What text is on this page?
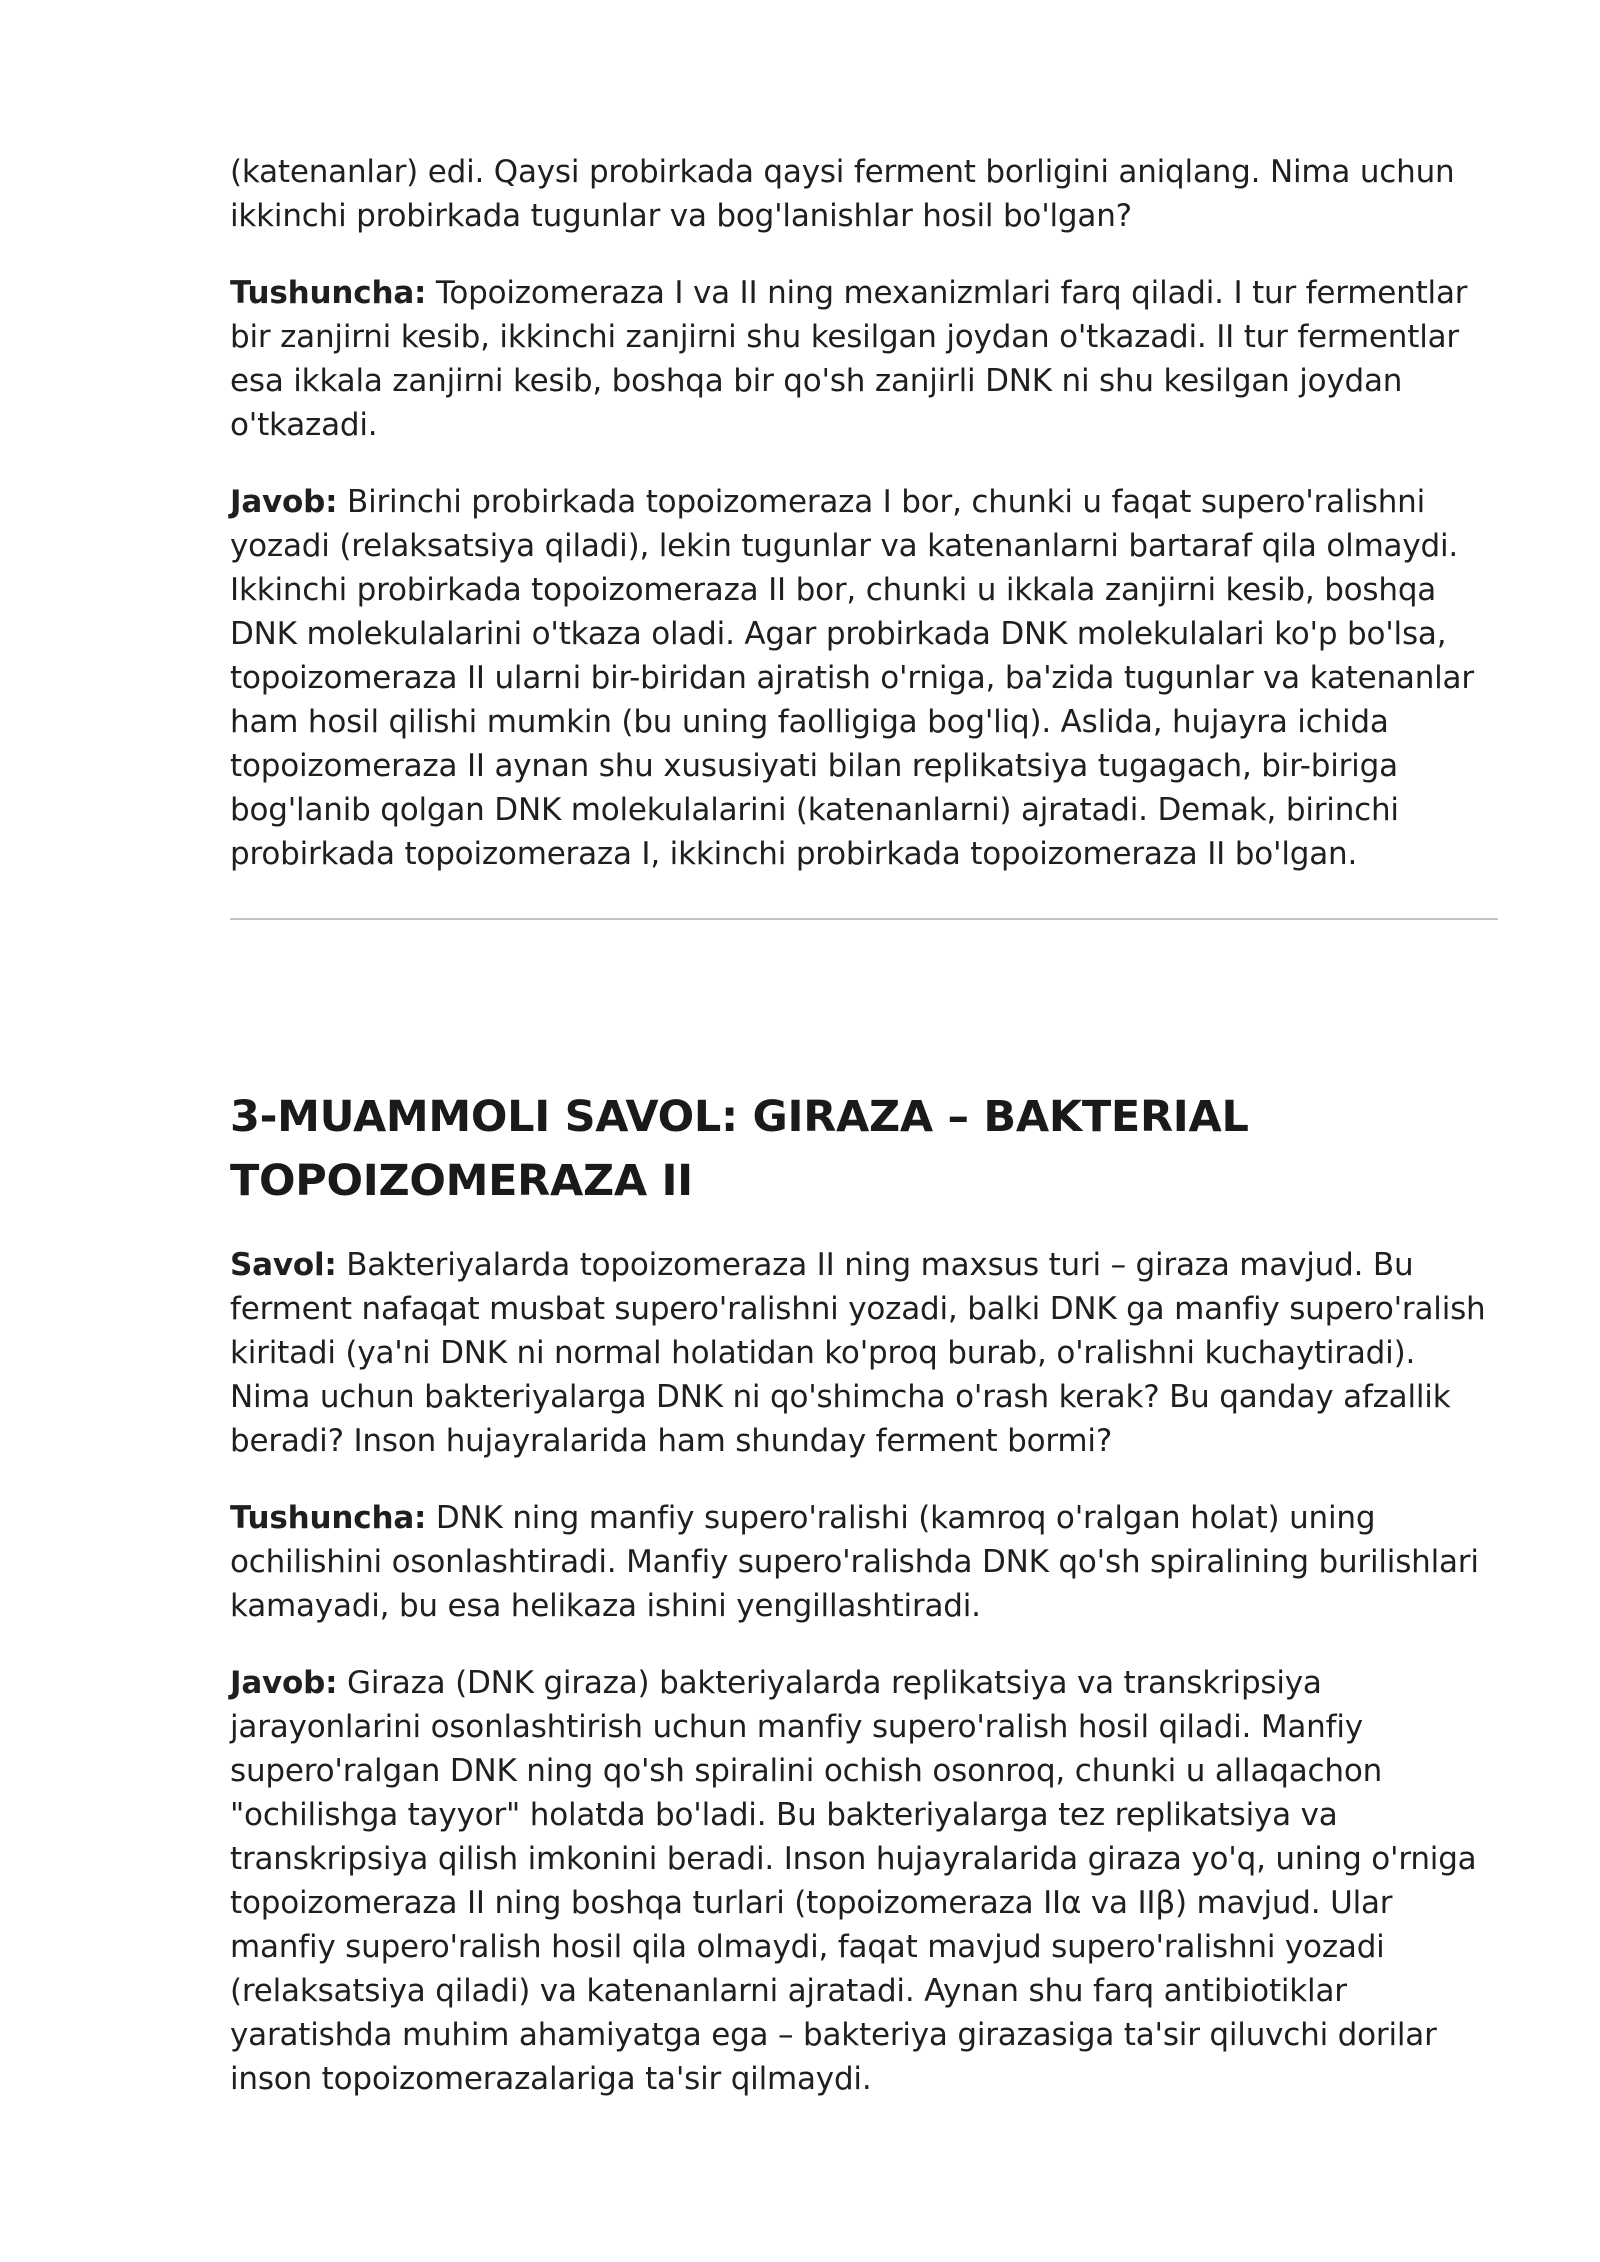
(katenanlar) edi. Qaysi probirkada qaysi ferment borligini aniqlang. Nima uchun ikkinchi probirkada tugunlar va bog'lanishlar hosil bo'lgan?

Tushuncha: Topoizomeraza I va II ning mexanizmlari farq qiladi. I tur fermentlar bir zanjirni kesib, ikkinchi zanjirni shu kesilgan joydan o'tkazadi. II tur fermentlar esa ikkala zanjirni kesib, boshqa bir qo'sh zanjirli DNK ni shu kesilgan joydan o'tkazadi.

Javob: Birinchi probirkada topoizomeraza I bor, chunki u faqat supero'ralishni yozadi (relaksatsiya qiladi), lekin tugunlar va katenanlarni bartaraf qila olmaydi. Ikkinchi probirkada topoizomeraza II bor, chunki u ikkala zanjirni kesib, boshqa DNK molekulalarini o'tkaza oladi. Agar probirkada DNK molekulalari ko'p bo'lsa, topoizomeraza II ularni bir-biridan ajratish o'rniga, ba'zida tugunlar va katenanlar ham hosil qilishi mumkin (bu uning faolligiga bog'liq). Aslida, hujayra ichida topoizomeraza II aynan shu xususiyati bilan replikatsiya tugagach, bir-biriga bog'lanib qolgan DNK molekulalarini (katenanlarni) ajratadi. Demak, birinchi probirkada topoizomeraza I, ikkinchi probirkada topoizomeraza II bo'lgan.

3-MUAMMOLI SAVOL: GIRAZA – BAKTERIAL TOPOIZOMERAZA II

Savol: Bakteriyalarda topoizomeraza II ning maxsus turi – giraza mavjud. Bu ferment nafaqat musbat supero'ralishni yozadi, balki DNK ga manfiy supero'ralish kiritadi (ya'ni DNK ni normal holatidan ko'proq burab, o'ralishni kuchaytiradi). Nima uchun bakteriyalarga DNK ni qo'shimcha o'rash kerak? Bu qanday afzallik beradi? Inson hujayralarida ham shunday ferment bormi?

Tushuncha: DNK ning manfiy supero'ralishi (kamroq o'ralgan holat) uning ochilishini osonlashtiradi. Manfiy supero'ralishda DNK qo'sh spiralining burilishlari kamayadi, bu esa helikaza ishini yengillashtiradi.

Javob: Giraza (DNK giraza) bakteriyalarda replikatsiya va transkripsiya jarayonlarini osonlashtirish uchun manfiy supero'ralish hosil qiladi. Manfiy supero'ralgan DNK ning qo'sh spiralini ochish osonroq, chunki u allaqachon "ochilishga tayyor" holatda bo'ladi. Bu bakteriyalarga tez replikatsiya va transkripsiya qilish imkonini beradi. Inson hujayralarida giraza yo'q, uning o'rniga topoizomeraza II ning boshqa turlari (topoizomeraza IIα va IIβ) mavjud. Ular manfiy supero'ralish hosil qila olmaydi, faqat mavjud supero'ralishni yozadi (relaksatsiya qiladi) va katenanlarni ajratadi. Aynan shu farq antibiotiklar yaratishda muhim ahamiyatga ega – bakteriya girazasiga ta'sir qiluvchi dorilar inson topoizomerazalariga ta'sir qilmaydi.
